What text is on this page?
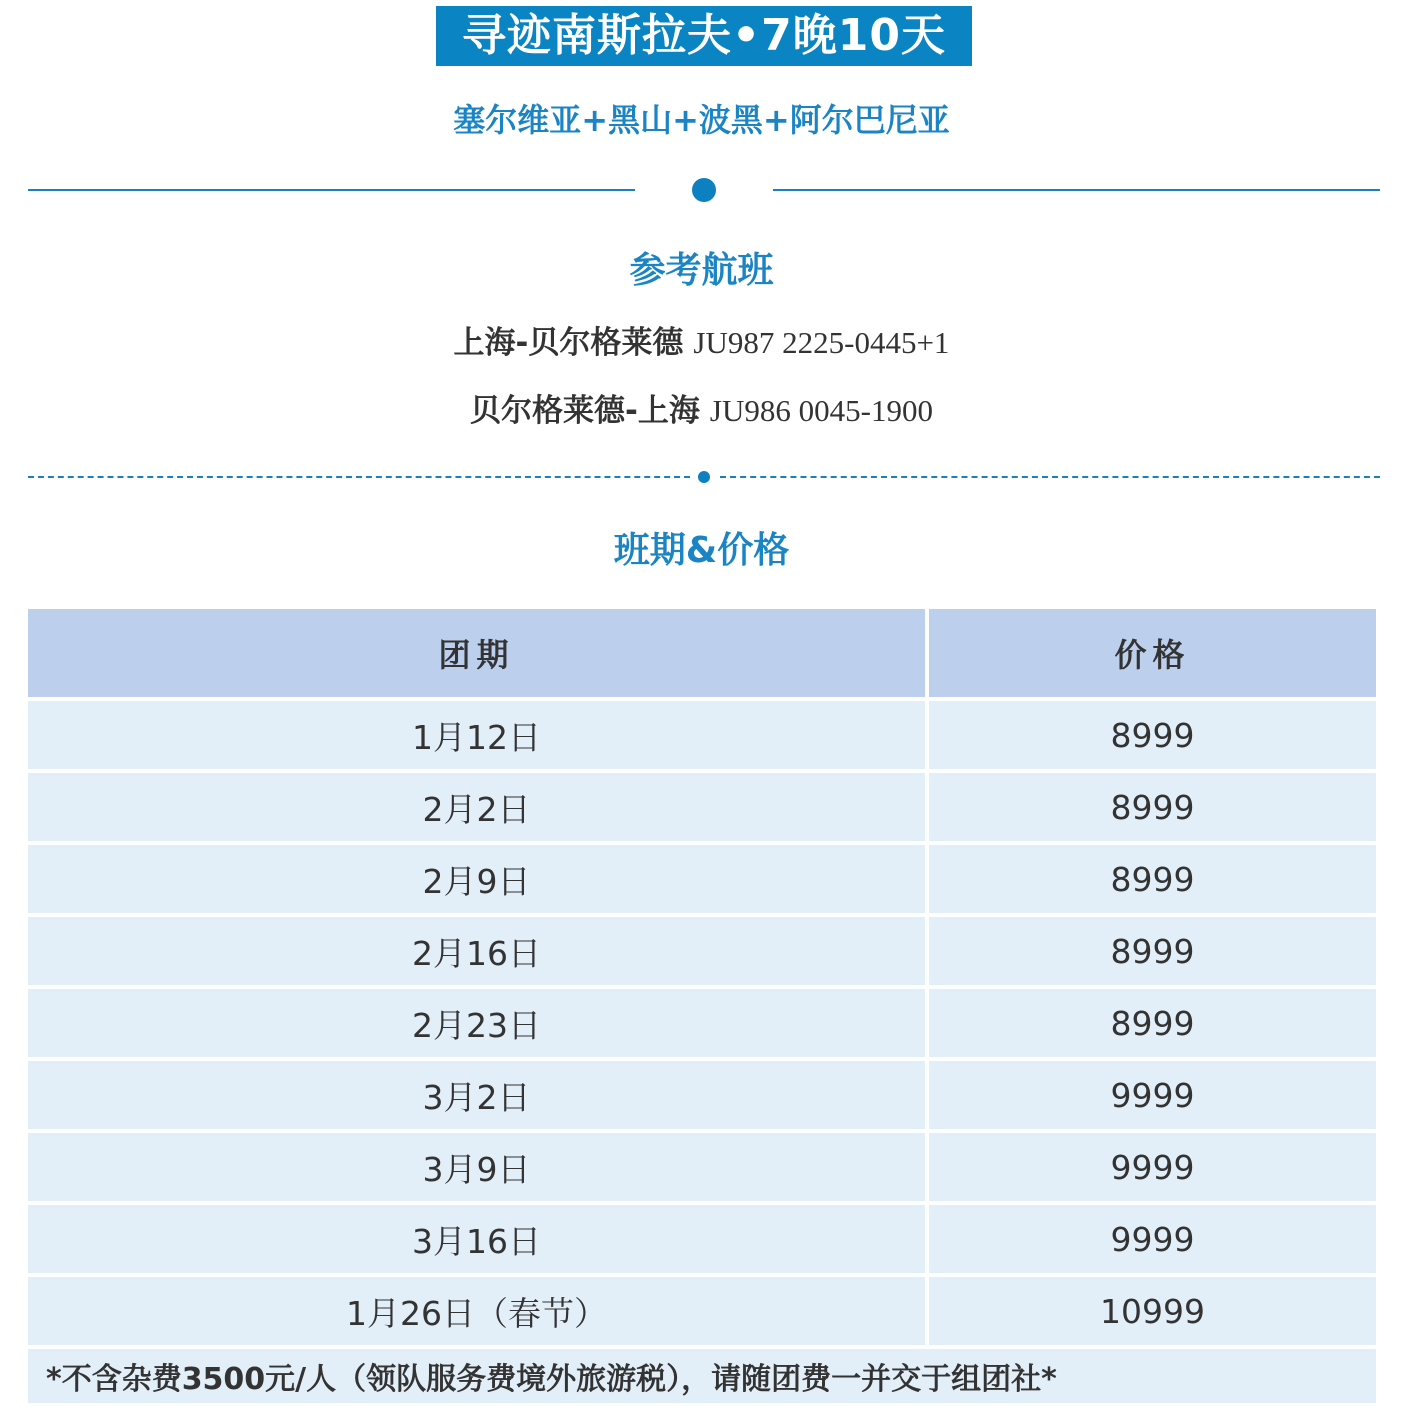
寻迹南斯拉夫•7晚10天
塞尔维亚+黑山+波黑+阿尔巴尼亚
参考航班
上海-贝尔格莱德 JU987 2225-0445+1
贝尔格莱德-上海 JU986 0045-1900
班期&价格
团期	价格
1月12日	8999
2月2日	8999
2月9日	8999
2月16日	8999
2月23日	8999
3月2日	9999
3月9日	9999
3月16日	9999
1月26日（春节）	10999
*不含杂费3500元/人（领队服务费境外旅游税），请随团费一并交于组团社*	
